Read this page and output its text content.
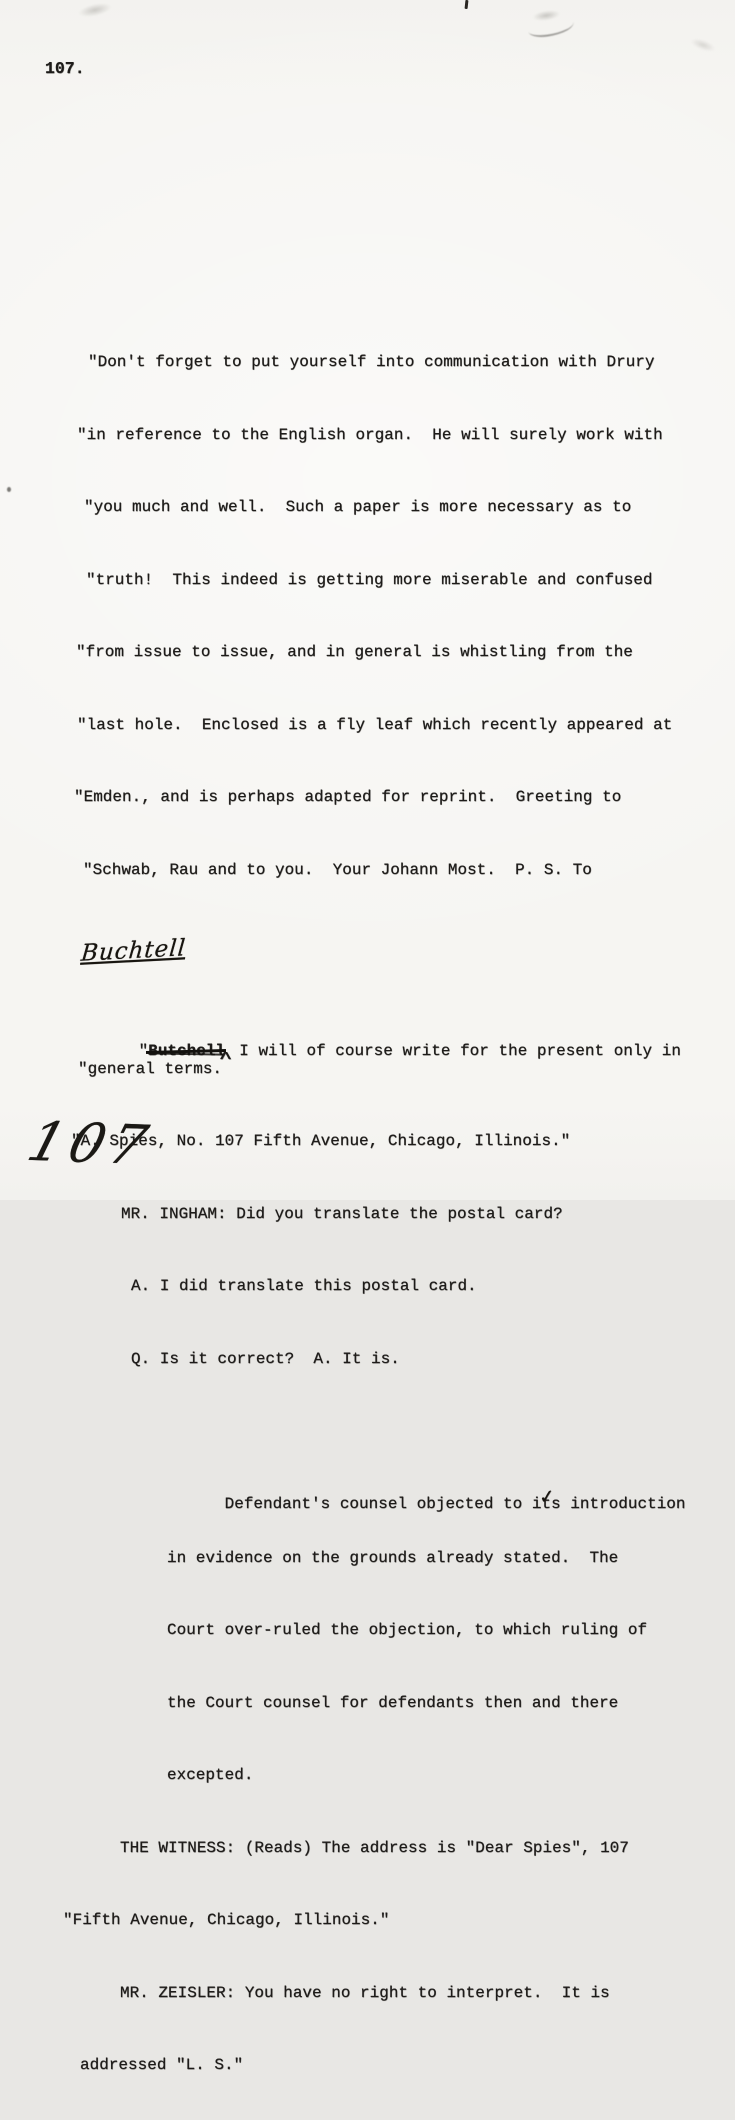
107.

"Don't forget to put yourself into communication with Drury

"in reference to the English organ.  He will surely work with

"you much and well.  Such a paper is more necessary as to

"truth!  This indeed is getting more miserable and confused

"from issue to issue, and in general is whistling from the

"last hole.  Enclosed is a fly leaf which recently appeared at

"Emden., and is perhaps adapted for reprint.  Greeting to

"Schwab, Rau and to you.  Your Johann Most.  P. S. To

Buchtell

"Butchell^ I will of course write for the present only in

"general terms.

"A. Spies, No. 107 Fifth Avenue, Chicago, Illinois."

MR. INGHAM: Did you translate the postal card?

A. I did translate this postal card.

Q. Is it correct?  A. It is.

Defendant's counsel objected to it ✓s introduction

in evidence on the grounds already stated.  The

Court over-ruled the objection, to which ruling of

the Court counsel for defendants then and there

excepted.

THE WITNESS: (Reads) The address is "Dear Spies", 107

"Fifth Avenue, Chicago, Illinois."

MR. ZEISLER: You have no right to interpret.  It is

addressed "L. S."

107
